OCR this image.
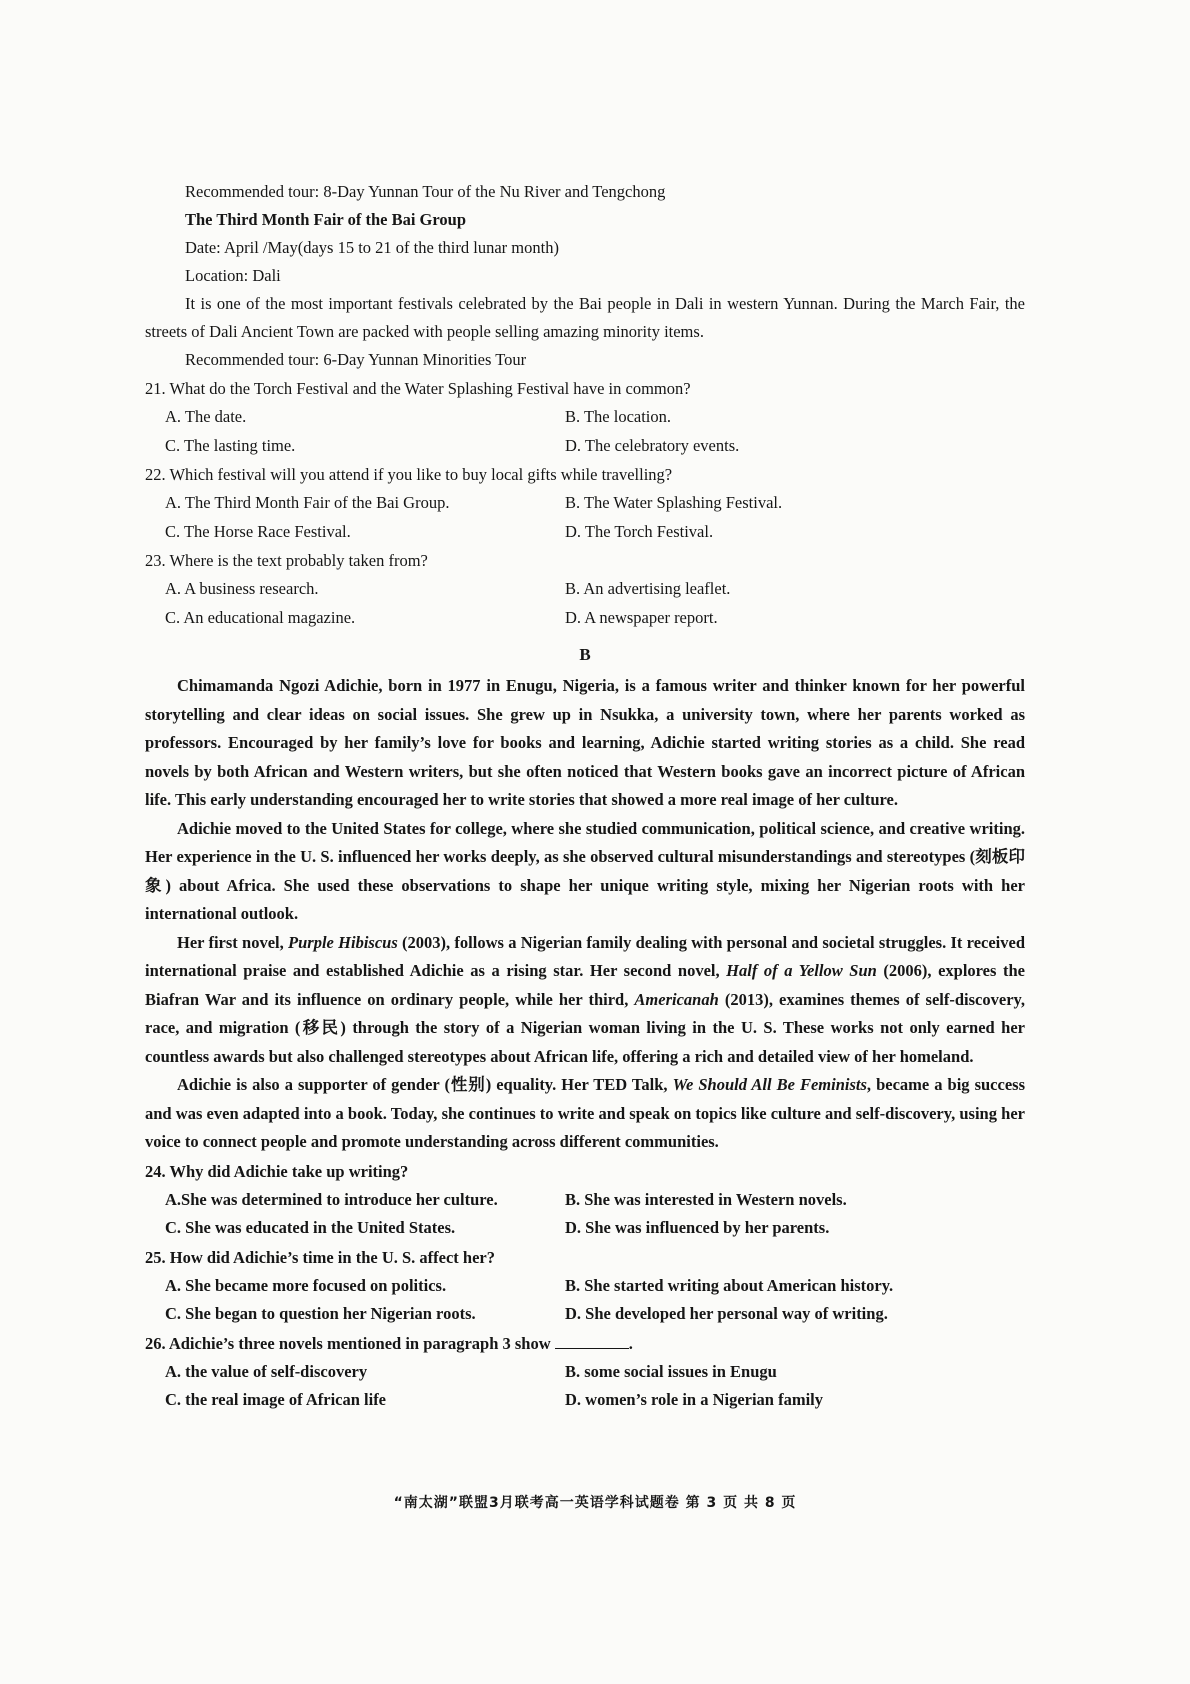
Recommended tour: 8-Day Yunnan Tour of the Nu River and Tengchong

The Third Month Fair of the Bai Group

Date: April /May(days 15 to 21 of the third lunar month)

Location: Dali

It is one of the most important festivals celebrated by the Bai people in Dali in western Yunnan. During the March Fair, the streets of Dali Ancient Town are packed with people selling amazing minority items.

Recommended tour: 6-Day Yunnan Minorities Tour

21. What do the Torch Festival and the Water Splashing Festival have in common?

A. The date.	B. The location.
C. The lasting time.	D. The celebratory events.

22. Which festival will you attend if you like to buy local gifts while travelling?

A. The Third Month Fair of the Bai Group.	B. The Water Splashing Festival.
C. The Horse Race Festival.	D. The Torch Festival.

23. Where is the text probably taken from?

A. A business research.	B. An advertising leaflet.
C. An educational magazine.	D. A newspaper report.
B

Chimamanda Ngozi Adichie, born in 1977 in Enugu, Nigeria, is a famous writer and thinker known for her powerful storytelling and clear ideas on social issues. She grew up in Nsukka, a university town, where her parents worked as professors. Encouraged by her family’s love for books and learning, Adichie started writing stories as a child. She read novels by both African and Western writers, but she often noticed that Western books gave an incorrect picture of African life. This early understanding encouraged her to write stories that showed a more real image of her culture.

Adichie moved to the United States for college, where she studied communication, political science, and creative writing. Her experience in the U. S. influenced her works deeply, as she observed cultural misunderstandings and stereotypes (刻板印象) about Africa. She used these observations to shape her unique writing style, mixing her Nigerian roots with her international outlook.

Her first novel, Purple Hibiscus (2003), follows a Nigerian family dealing with personal and societal struggles. It received international praise and established Adichie as a rising star. Her second novel, Half of a Yellow Sun (2006), explores the Biafran War and its influence on ordinary people, while her third, Americanah (2013), examines themes of self-discovery, race, and migration (移民) through the story of a Nigerian woman living in the U. S. These works not only earned her countless awards but also challenged stereotypes about African life, offering a rich and detailed view of her homeland.

Adichie is also a supporter of gender (性别) equality. Her TED Talk, We Should All Be Feminists, became a big success and was even adapted into a book. Today, she continues to write and speak on topics like culture and self-discovery, using her voice to connect people and promote understanding across different communities.

24. Why did Adichie take up writing?

A.She was determined to introduce her culture.	B. She was interested in Western novels.
C. She was educated in the United States.	D. She was influenced by her parents.

25. How did Adichie’s time in the U. S. affect her?

A. She became more focused on politics.	B. She started writing about American history.
C. She began to question her Nigerian roots.	D. She developed her personal way of writing.

26. Adichie’s three novels mentioned in paragraph 3 show	.

A. the value of self-discovery	B. some social issues in Enugu
C. the real image of African life	D. women’s role in a Nigerian family
“南太湖”联盟3月联考高一英语学科试题卷 第 3 页 共 8 页
